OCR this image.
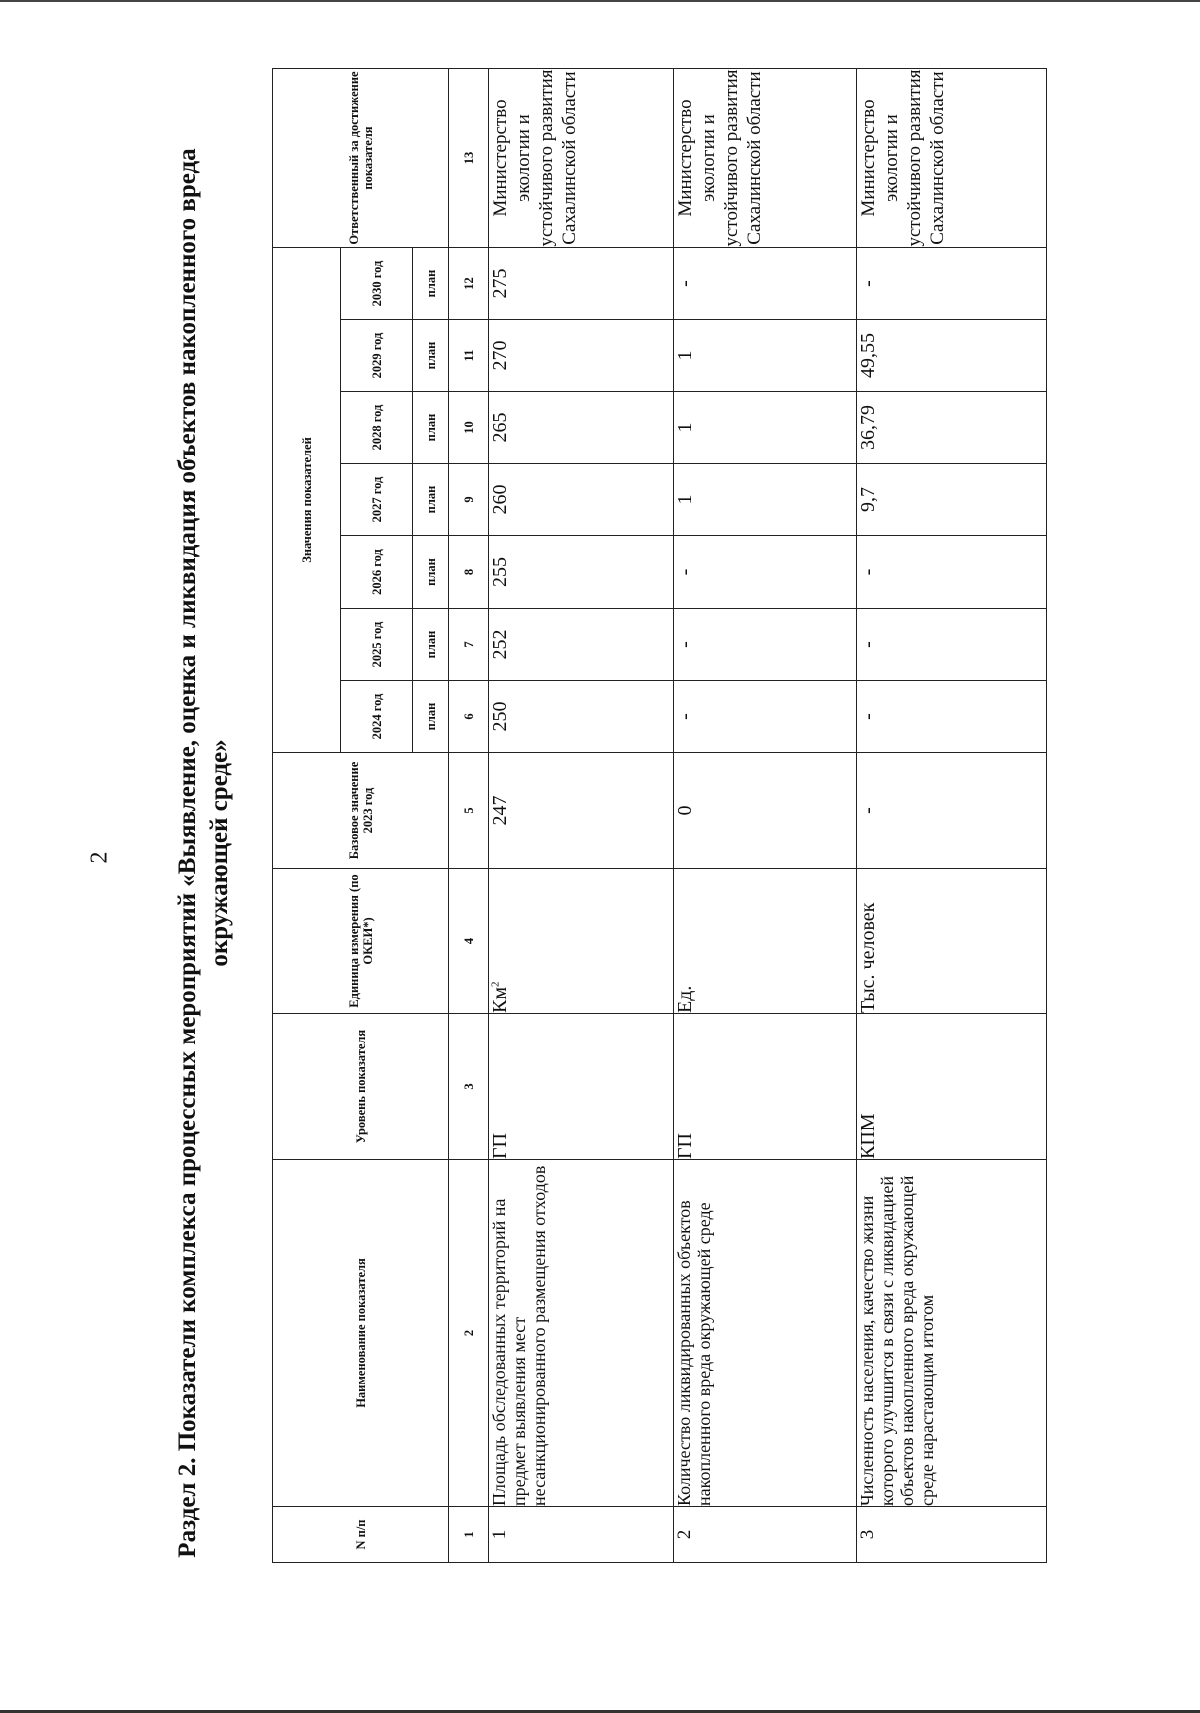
2 Раздел 2. Показатели комплекса процессных мероприятий «Выявление, оценка и ликвидация объектов накопленного вреда окружающей среде»
N п/п	Наименование показателя	Уровень показателя	Единица измерения (по ОКЕИ*)	Базовое значение 2023 год	Значения показателей							Ответственный за достижение показателя
					2024 год	2025 год	2026 год	2027 год	2028 год	2029 год	2030 год	
					план	план	план	план	план	план	план	
1	2	3	4	5	6	7	8	9	10	11	12	13
1	Площадь обследованных территорий на предмет выявления мест несанкционированного размещения отходов	ГП	$Км^2$	247	250	252	255	260	265	270	275	Министерство экологии и устойчивого развития Сахалинской области
2	Количество ликвидированных объектов накопленного вреда окружающей среде	ГП	Ед.	0	-	-	-	1	1	1	-	Министерство экологии и устойчивого развития Сахалинской области
3	Численность населения, качество жизни которого улучшится в связи с ликвидацией объектов накопленного вреда окружающей среде нарастающим итогом	КПМ	Тыс. человек	-	-	-	-	9,7	36,79	49,55	-	Министерство экологии и устойчивого развития Сахалинской области
